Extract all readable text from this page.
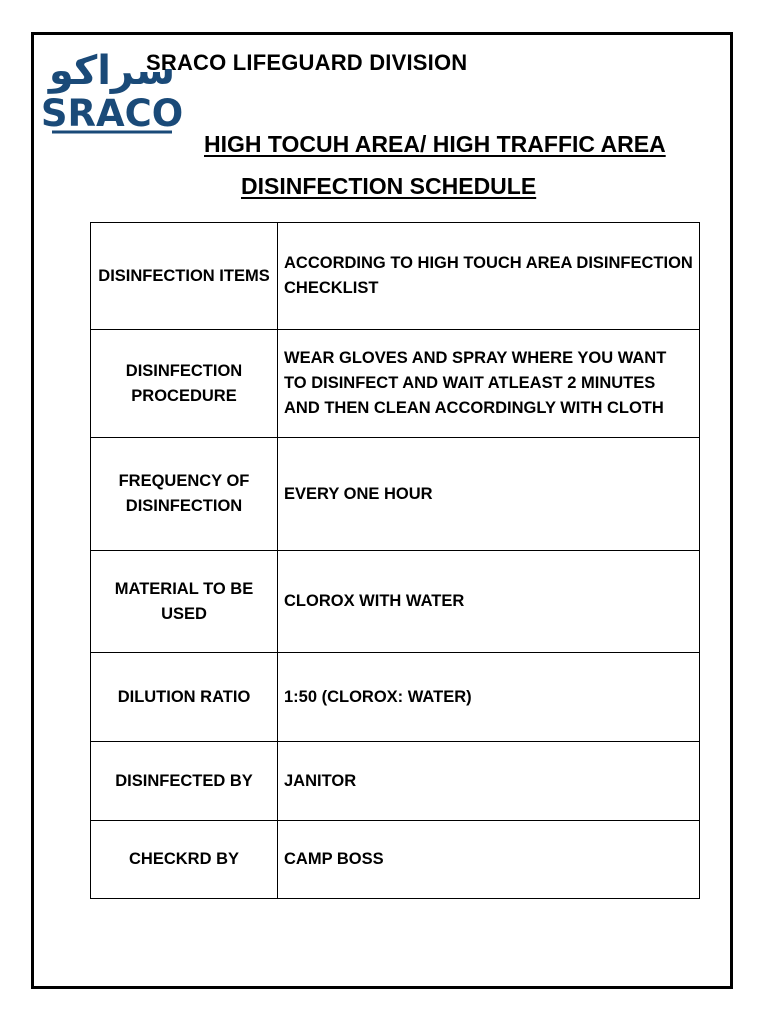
سراكو
SRACO
SRACO LIFEGUARD DIVISION
HIGH TOCUH AREA/ HIGH TRAFFIC AREA
DISINFECTION SCHEDULE
DISINFECTION ITEMS	ACCORDING TO HIGH TOUCH AREA DISINFECTION CHECKLIST
DISINFECTION PROCEDURE	WEAR GLOVES AND SPRAY WHERE YOU WANT TO DISINFECT AND WAIT ATLEAST 2 MINUTES AND THEN CLEAN ACCORDINGLY WITH CLOTH
FREQUENCY OF DISINFECTION	EVERY ONE HOUR
MATERIAL TO BE USED	CLOROX WITH WATER
DILUTION RATIO	1:50 (CLOROX: WATER)
DISINFECTED BY	JANITOR
CHECKRD BY	CAMP BOSS
